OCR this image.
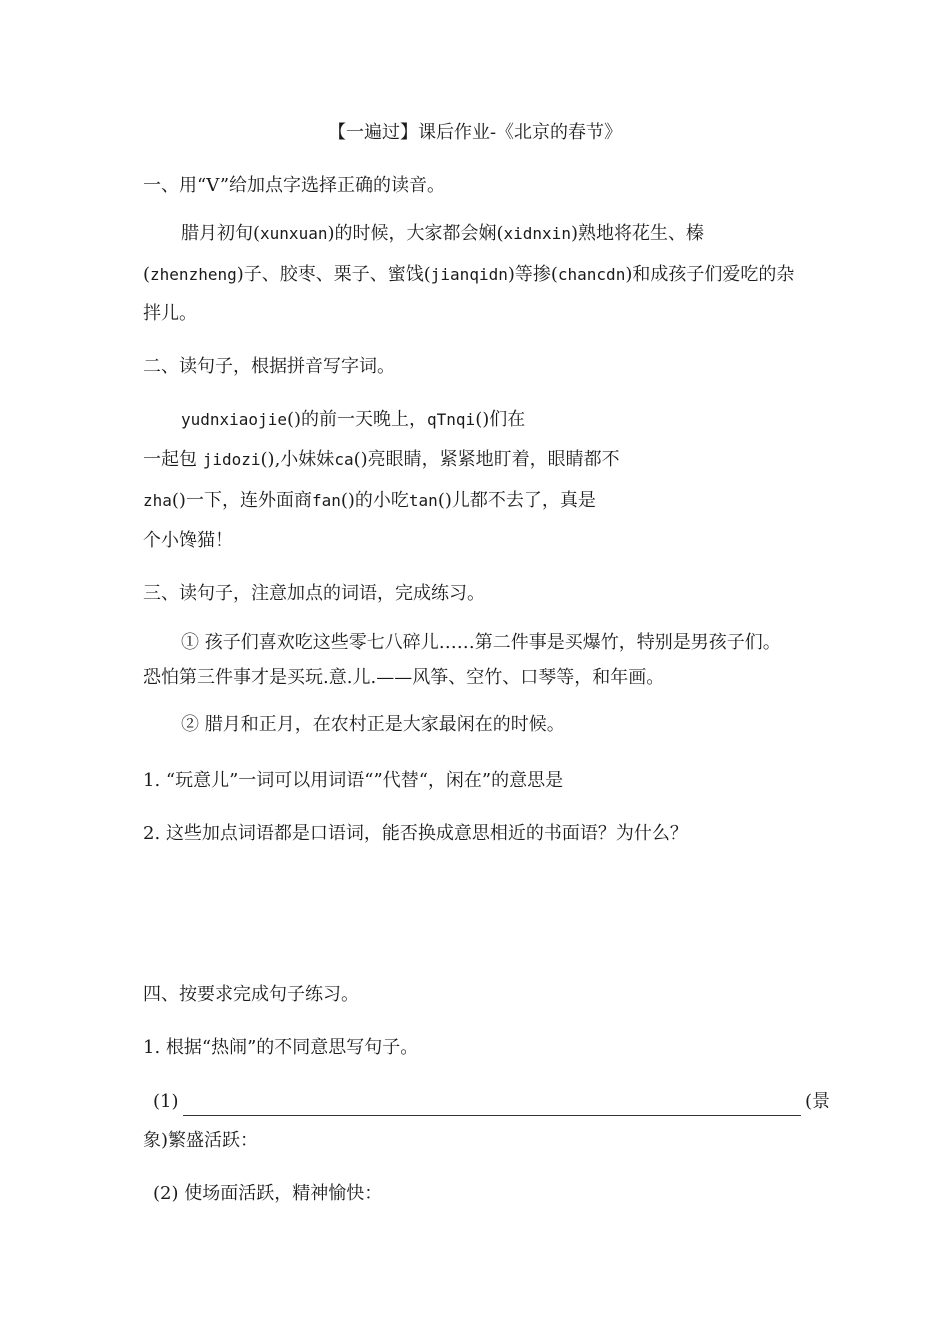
【一遍过】课后作业-《北京的春节》
一、用“V”给加点字选择正确的读音。
腊月初旬(xunxuan)的时候，大家都会娴(xidnxin)熟地将花生、榛
(zhenzheng)子、胶枣、栗子、蜜饯(jianqidn)等掺(chancdn)和成孩子们爱吃的杂
拌儿。
二、读句子，根据拼音写字词。
yudnxiaojie()的前一天晚上，qTnqi()们在
一起包 jidozi(),小妹妹ca()亮眼睛，紧紧地盯着，眼睛都不
zha()一下，连外面商fan()的小吃tan()儿都不去了，真是
个小馋猫！
三、读句子，注意加点的词语，完成练习。
① 孩子们喜欢吃这些零七八碎儿……第二件事是买爆竹，特别是男孩子们。
恐怕第三件事才是买玩.意.儿.——风筝、空竹、口琴等，和年画。
② 腊月和正月，在农村正是大家最闲在的时候。
1. “玩意儿”一词可以用词语“”代替“，闲在”的意思是
2. 这些加点词语都是口语词，能否换成意思相近的书面语？为什么？
四、按要求完成句子练习。
1. 根据“热闹”的不同意思写句子。
(1)	(景
象)繁盛活跃：
(2) 使场面活跃，精神愉快：
